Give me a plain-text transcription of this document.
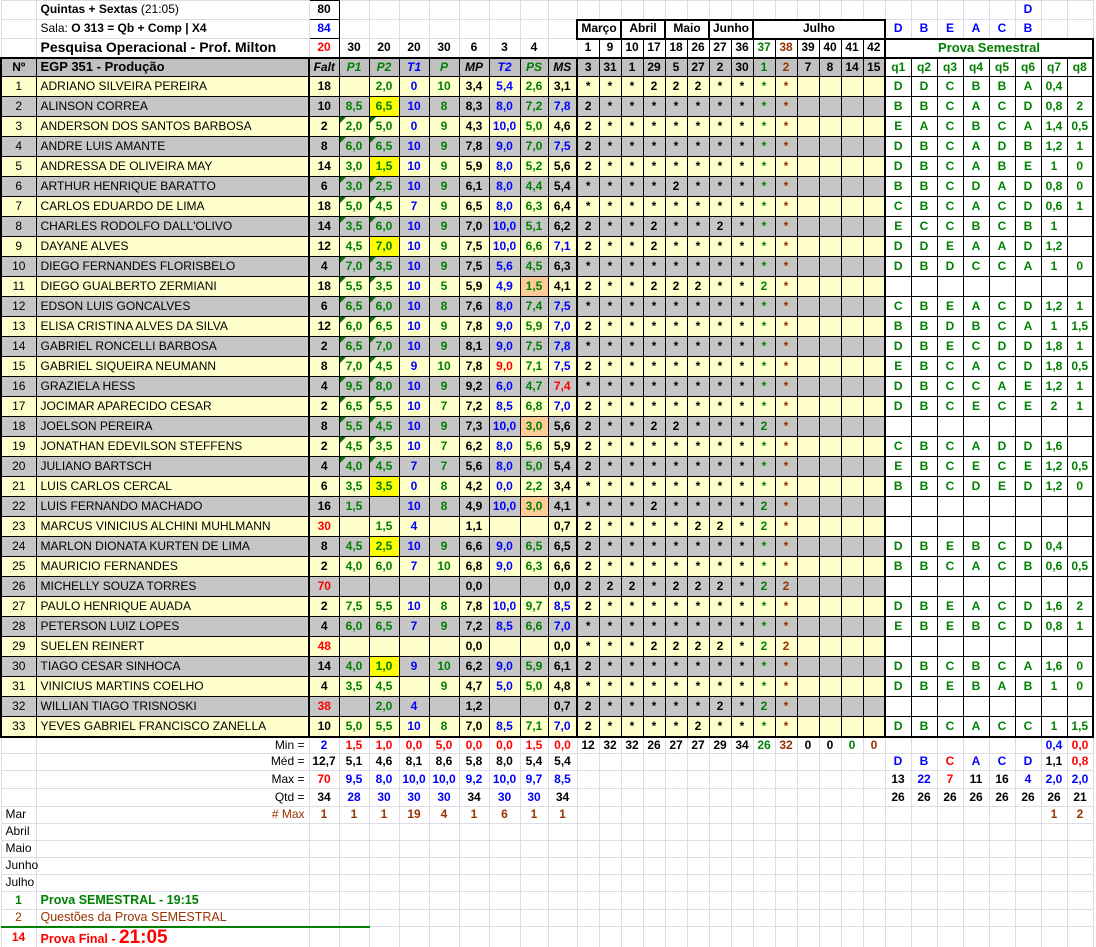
	Quintas + Sextas (21:05)	80																												D		
	Sala: O 313 = Qb + Comp | X4	84									Março		Abril		Maio		Junho		Julho						D	B	E	A	C	B		
	Pesquisa Operacional - Prof. Milton	20	30	20	20	30	6	3	4		1	9	10	17	18	26	27	36	37	38	39	40	41	42	Prova Semestral							
Nº	EGP 351 - Produção	Falt	P1	P2	T1	P	MP	T2	PS	MS	3	31	1	29	5	27	2	30	1	2	7	8	14	15	q1	q2	q3	q4	q5	q6	q7	q8
1	ADRIANO SILVEIRA PEREIRA	18		2,0	0	10	3,4	5,4	2,6	3,1	*	*	*	2	2	2	*	*	*	*					D	D	C	B	B	A	0,4	
2	ALINSON CORREA	10	8,5	6,5	10	8	8,3	8,0	7,2	7,8	2	*	*	*	*	*	*	*	*	*					B	B	C	A	C	D	0,8	2
3	ANDERSON DOS SANTOS BARBOSA	2	2,0	5,0	0	9	4,3	10,0	5,0	4,6	2	*	*	*	*	*	*	*	*	*					E	A	C	B	C	A	1,4	0,5
4	ANDRE LUIS AMANTE	8	6,0	6,5	10	9	7,8	9,0	7,0	7,5	2	*	*	*	*	*	*	*	*	*					D	B	C	A	D	B	1,2	1
5	ANDRESSA DE OLIVEIRA MAY	14	3,0	1,5	10	9	5,9	8,0	5,2	5,6	2	*	*	*	*	*	*	*	*	*					D	B	C	A	B	E	1	0
6	ARTHUR HENRIQUE BARATTO	6	3,0	2,5	10	9	6,1	8,0	4,4	5,4	*	*	*	*	2	*	*	*	*	*					B	B	C	D	A	D	0,8	0
7	CARLOS EDUARDO DE LIMA	18	5,0	4,5	7	9	6,5	8,0	6,3	6,4	*	*	*	*	*	*	*	*	*	*					C	B	C	A	C	D	0,6	1
8	CHARLES RODOLFO DALL'OLIVO	14	3,5	6,0	10	9	7,0	10,0	5,1	6,2	2	*	*	2	*	*	2	*	*	*					E	C	C	B	C	B	1	
9	DAYANE ALVES	12	4,5	7,0	10	9	7,5	10,0	6,6	7,1	2	*	*	2	*	*	*	*	*	*					D	D	E	A	A	D	1,2	
10	DIEGO FERNANDES FLORISBELO	4	7,0	3,5	10	9	7,5	5,6	4,5	6,3	*	*	*	*	*	*	*	*	*	*					D	B	D	C	C	A	1	0
11	DIEGO GUALBERTO ZERMIANI	18	5,5	3,5	10	5	5,9	4,9	1,5	4,1	2	*	*	2	2	2	*	*	2	*												
12	EDSON LUIS GONCALVES	6	6,5	6,0	10	8	7,6	8,0	7,4	7,5	*	*	*	*	*	*	*	*	*	*					C	B	E	A	C	D	1,2	1
13	ELISA CRISTINA ALVES DA SILVA	12	6,0	6,5	10	9	7,8	9,0	5,9	7,0	2	*	*	*	*	*	*	*	*	*					B	B	D	B	C	A	1	1,5
14	GABRIEL RONCELLI BARBOSA	2	6,5	7,0	10	9	8,1	9,0	7,5	7,8	*	*	*	*	*	*	*	*	*	*					D	B	E	C	D	D	1,8	1
15	GABRIEL SIQUEIRA NEUMANN	8	7,0	4,5	9	10	7,8	9,0	7,1	7,5	2	*	*	*	*	*	*	*	*	*					E	B	C	A	C	D	1,8	0,5
16	GRAZIELA HESS	4	9,5	8,0	10	9	9,2	6,0	4,7	7,4	*	*	*	*	*	*	*	*	*	*					D	B	C	C	A	E	1,2	1
17	JOCIMAR APARECIDO CESAR	2	6,5	5,5	10	7	7,2	8,5	6,8	7,0	2	*	*	*	*	*	*	*	*	*					D	B	C	E	C	E	2	1
18	JOELSON PEREIRA	8	5,5	4,5	10	9	7,3	10,0	3,0	5,6	2	*	*	2	2	*	*	*	2	*												
19	JONATHAN EDEVILSON STEFFENS	2	4,5	3,5	10	7	6,2	8,0	5,6	5,9	2	*	*	*	*	*	*	*	*	*					C	B	C	A	D	D	1,6	
20	JULIANO BARTSCH	4	4,0	4,5	7	7	5,6	8,0	5,0	5,4	2	*	*	*	*	*	*	*	*	*					E	B	C	E	C	E	1,2	0,5
21	LUIS CARLOS CERCAL	6	3,5	3,5	0	8	4,2	0,0	2,2	3,4	*	*	*	*	*	*	*	*	*	*					B	B	C	D	E	D	1,2	0
22	LUIS FERNANDO MACHADO	16	1,5		10	8	4,9	10,0	3,0	4,1	*	*	*	2	*	*	*	*	2	*												
23	MARCUS VINICIUS ALCHINI MUHLMANN	30		1,5	4		1,1			0,7	2	*	*	*	*	2	2	*	2	*												
24	MARLON DIONATA KURTEN DE LIMA	8	4,5	2,5	10	9	6,6	9,0	6,5	6,5	2	*	*	*	*	*	*	*	*	*					D	B	E	B	C	D	0,4	
25	MAURICIO FERNANDES	2	4,0	6,0	7	10	6,8	9,0	6,3	6,6	2	*	*	*	*	*	*	*	*	*					B	B	C	A	C	B	0,6	0,5
26	MICHELLY SOUZA TORRES	70					0,0			0,0	2	2	2	*	2	2	2	*	2	2												
27	PAULO HENRIQUE AUADA	2	7,5	5,5	10	8	7,8	10,0	9,7	8,5	2	*	*	*	*	*	*	*	*	*					D	B	E	A	C	D	1,6	2
28	PETERSON LUIZ LOPES	4	6,0	6,5	7	9	7,2	8,5	6,6	7,0	*	*	*	*	*	*	*	*	*	*					E	B	E	B	C	D	0,8	1
29	SUELEN REINERT	48					0,0			0,0	*	*	*	2	2	2	2	*	2	2												
30	TIAGO CESAR SINHOCA	14	4,0	1,0	9	10	6,2	9,0	5,9	6,1	2	*	*	*	*	*	*	*	*	*					D	B	C	B	C	A	1,6	0
31	VINICIUS MARTINS COELHO	4	3,5	4,5		9	4,7	5,0	5,0	4,8	*	*	*	*	*	*	*	*	*	*					D	B	E	B	A	B	1	0
32	WILLIAN TIAGO TRISNOSKI	38		2,0	4		1,2			0,7	2	*	*	*	*	*	2	*	2	*												
33	YEVES GABRIEL FRANCISCO ZANELLA	10	5,0	5,5	10	8	7,0	8,5	7,1	7,0	2	*	*	*	*	2	*	*	*	*					D	B	C	A	C	C	1	1,5
	Min =	2	1,5	1,0	0,0	5,0	0,0	0,0	1,5	0,0	12	32	32	26	27	27	29	34	26	32	0	0	0	0							0,4	0,0
	Méd =	12,7	5,1	4,6	8,1	8,6	5,8	8,0	5,4	5,4															D	B	C	A	C	D	1,1	0,8
	Max =	70	9,5	8,0	10,0	10,0	9,2	10,0	9,7	8,5															13	22	7	11	16	4	2,0	2,0
	Qtd =	34	28	30	30	30	34	30	30	34															26	26	26	26	26	26	26	21
Mar	# Max	1	1	1	19	4	1	6	1	1																					1	2
Abril																																
Maio																																
Junho																																
Julho																																
1	Prova SEMESTRAL - 19:15																															
2	Questões da Prova SEMESTRAL																															
14	Prova Final - 21:05																															
